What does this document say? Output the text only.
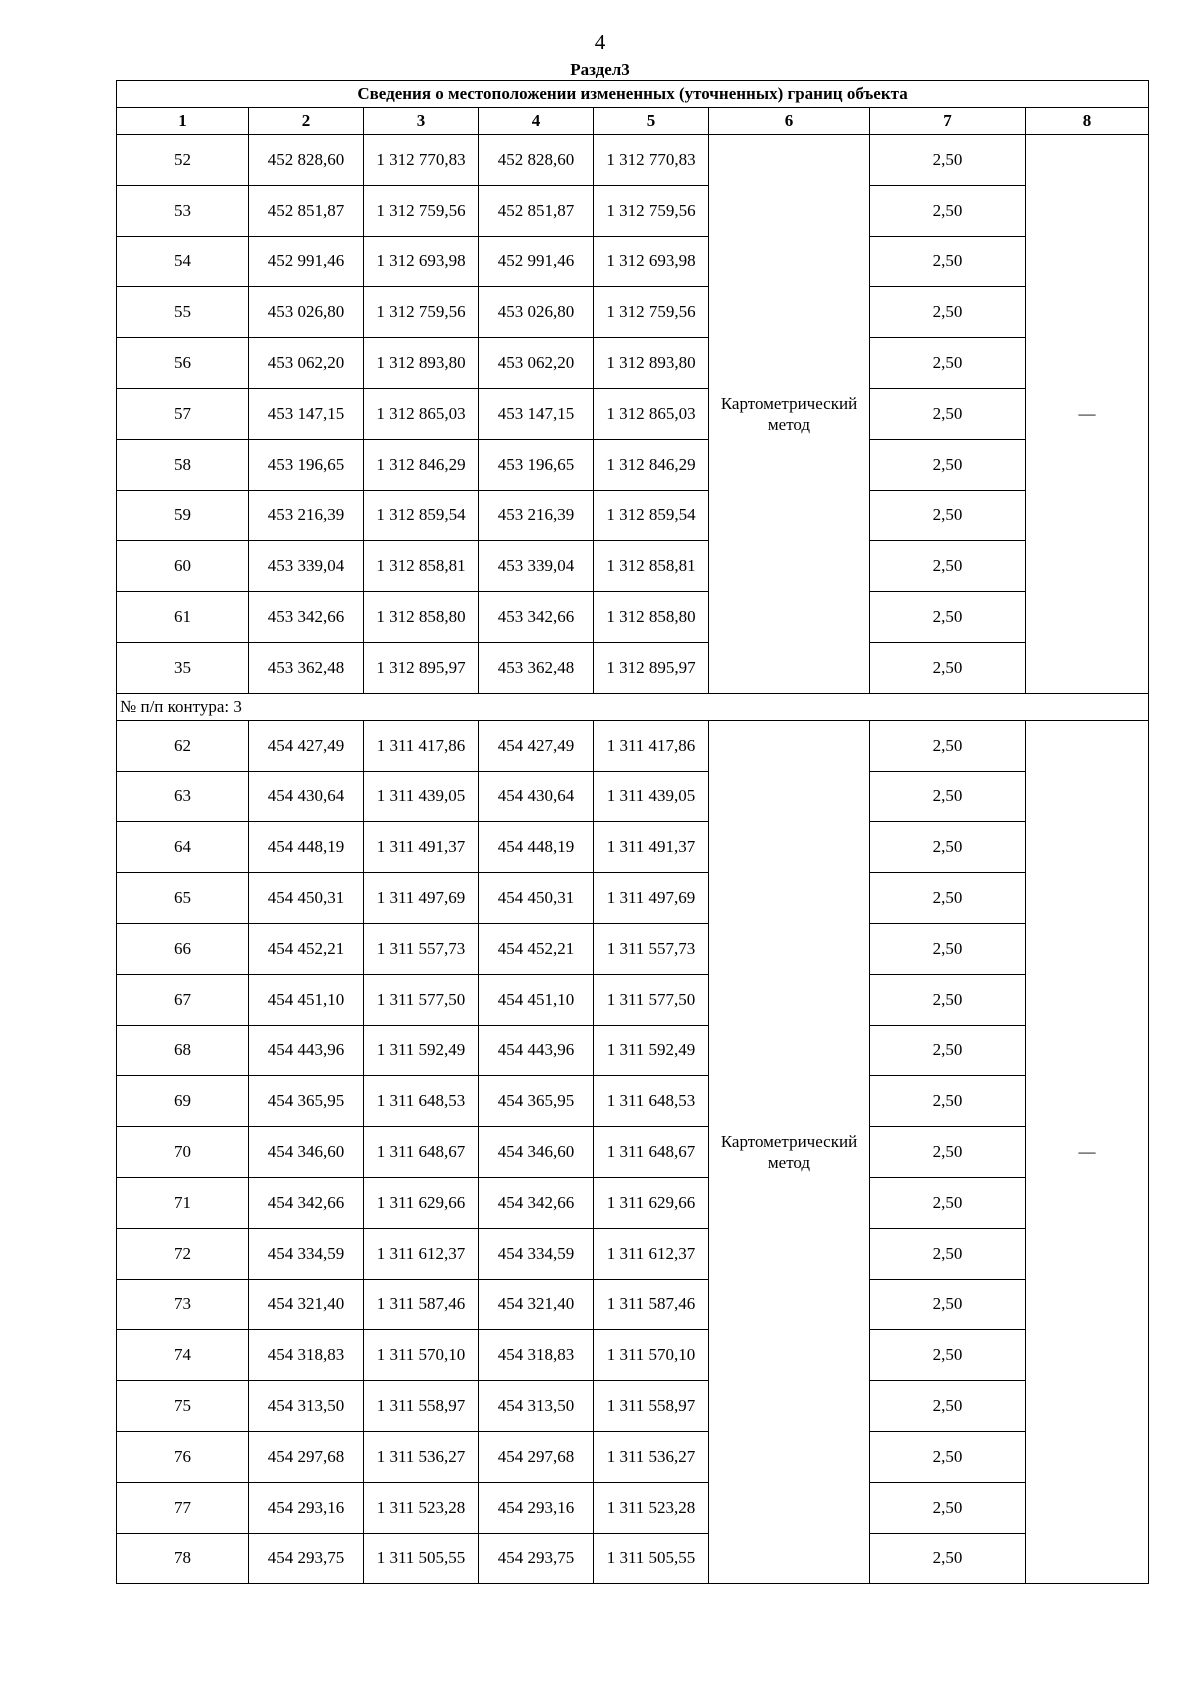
4
Раздел3
Сведения о местоположении измененных (уточненных) границ объекта							
1	2	3	4	5	6	7	8
52	452 828,60	1 312 770,83	452 828,60	1 312 770,83	Картометрический метод	2,50	—
53	452 851,87	1 312 759,56	452 851,87	1 312 759,56		2,50	
54	452 991,46	1 312 693,98	452 991,46	1 312 693,98		2,50	
55	453 026,80	1 312 759,56	453 026,80	1 312 759,56		2,50	
56	453 062,20	1 312 893,80	453 062,20	1 312 893,80		2,50	
57	453 147,15	1 312 865,03	453 147,15	1 312 865,03		2,50	
58	453 196,65	1 312 846,29	453 196,65	1 312 846,29		2,50	
59	453 216,39	1 312 859,54	453 216,39	1 312 859,54		2,50	
60	453 339,04	1 312 858,81	453 339,04	1 312 858,81		2,50	
61	453 342,66	1 312 858,80	453 342,66	1 312 858,80		2,50	
35	453 362,48	1 312 895,97	453 362,48	1 312 895,97		2,50	
№ п/п контура: 3							
62	454 427,49	1 311 417,86	454 427,49	1 311 417,86	Картометрический метод	2,50	—
63	454 430,64	1 311 439,05	454 430,64	1 311 439,05		2,50	
64	454 448,19	1 311 491,37	454 448,19	1 311 491,37		2,50	
65	454 450,31	1 311 497,69	454 450,31	1 311 497,69		2,50	
66	454 452,21	1 311 557,73	454 452,21	1 311 557,73		2,50	
67	454 451,10	1 311 577,50	454 451,10	1 311 577,50		2,50	
68	454 443,96	1 311 592,49	454 443,96	1 311 592,49		2,50	
69	454 365,95	1 311 648,53	454 365,95	1 311 648,53		2,50	
70	454 346,60	1 311 648,67	454 346,60	1 311 648,67		2,50	
71	454 342,66	1 311 629,66	454 342,66	1 311 629,66		2,50	
72	454 334,59	1 311 612,37	454 334,59	1 311 612,37		2,50	
73	454 321,40	1 311 587,46	454 321,40	1 311 587,46		2,50	
74	454 318,83	1 311 570,10	454 318,83	1 311 570,10		2,50	
75	454 313,50	1 311 558,97	454 313,50	1 311 558,97		2,50	
76	454 297,68	1 311 536,27	454 297,68	1 311 536,27		2,50	
77	454 293,16	1 311 523,28	454 293,16	1 311 523,28		2,50	
78	454 293,75	1 311 505,55	454 293,75	1 311 505,55		2,50	
